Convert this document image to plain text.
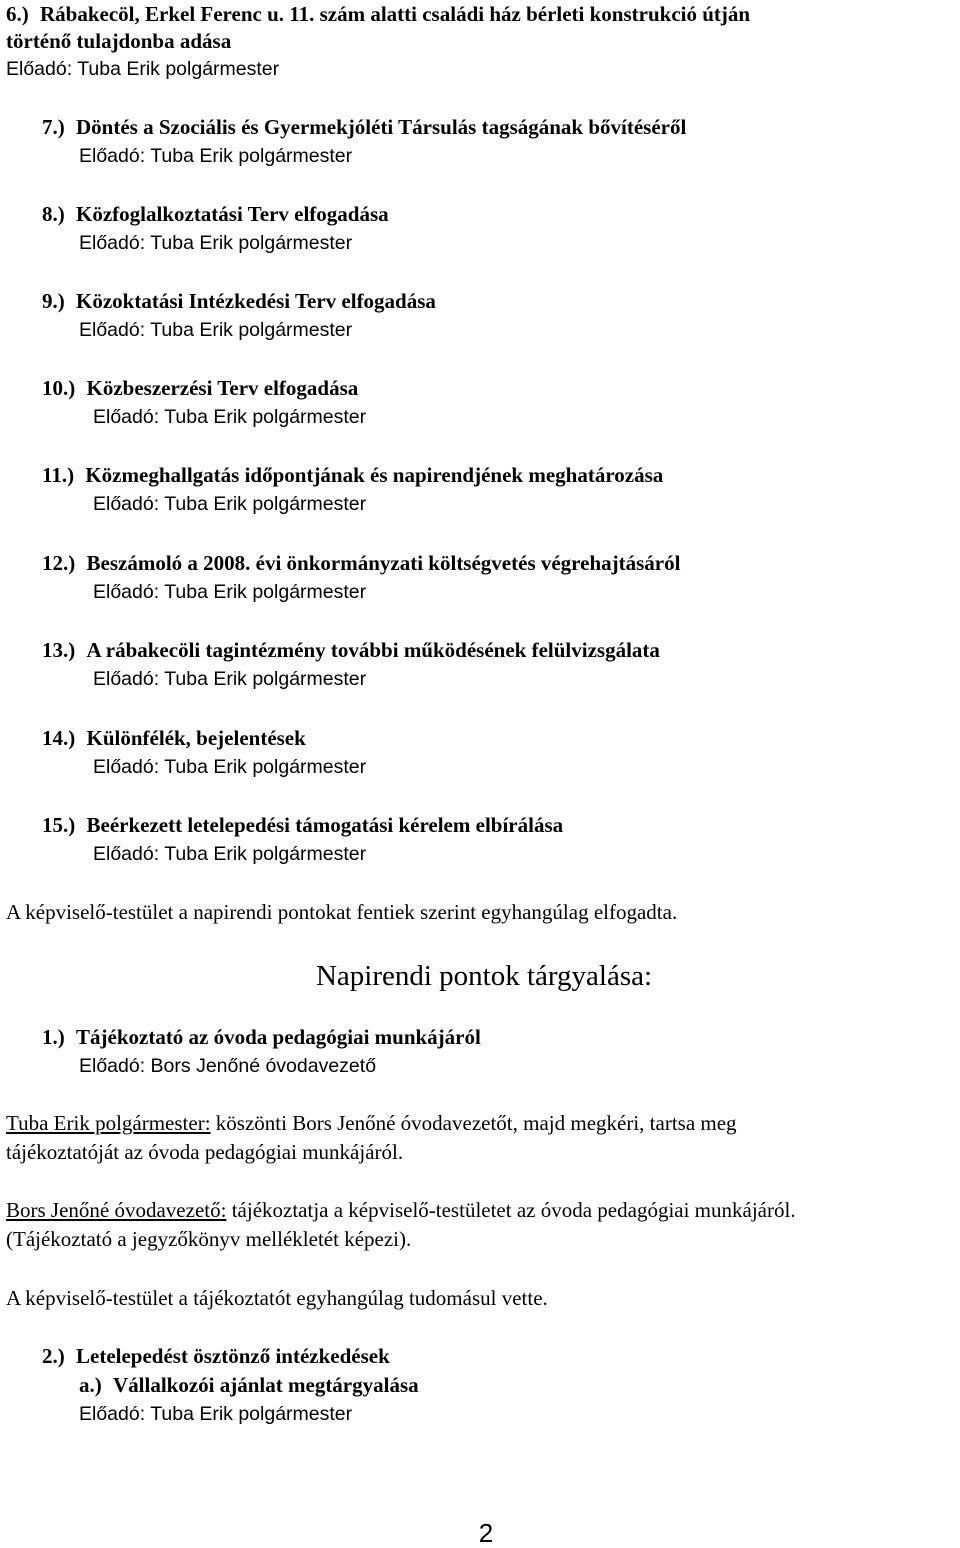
6.) Rábakecöl, Erkel Ferenc u. 11. szám alatti családi ház bérleti konstrukció útján
történő tulajdonba adása
Előadó: Tuba Erik polgármester
7.) Döntés a Szociális és Gyermekjóléti Társulás tagságának bővítéséről
Előadó: Tuba Erik polgármester
8.) Közfoglalkoztatási Terv elfogadása
Előadó: Tuba Erik polgármester
9.) Közoktatási Intézkedési Terv elfogadása
Előadó: Tuba Erik polgármester
10.) Közbeszerzési Terv elfogadása
Előadó: Tuba Erik polgármester
11.) Közmeghallgatás időpontjának és napirendjének meghatározása
Előadó: Tuba Erik polgármester
12.) Beszámoló a 2008. évi önkormányzati költségvetés végrehajtásáról
Előadó: Tuba Erik polgármester
13.) A rábakecöli tagintézmény további működésének felülvizsgálata
Előadó: Tuba Erik polgármester
14.) Különfélék, bejelentések
Előadó: Tuba Erik polgármester
15.) Beérkezett letelepedési támogatási kérelem elbírálása
Előadó: Tuba Erik polgármester
A képviselő-testület a napirendi pontokat fentiek szerint egyhangúlag elfogadta.
Napirendi pontok tárgyalása:
1.) Tájékoztató az óvoda pedagógiai munkájáról
Előadó: Bors Jenőné óvodavezető
Tuba Erik polgármester: köszönti Bors Jenőné óvodavezetőt, majd megkéri, tartsa meg
tájékoztatóját az óvoda pedagógiai munkájáról.
Bors Jenőné óvodavezető: tájékoztatja a képviselő-testületet az óvoda pedagógiai munkájáról.
(Tájékoztató a jegyzőkönyv mellékletét képezi).
A képviselő-testület a tájékoztatót egyhangúlag tudomásul vette.
2.) Letelepedést ösztönző intézkedések
a.) Vállalkozói ajánlat megtárgyalása
Előadó: Tuba Erik polgármester
2
